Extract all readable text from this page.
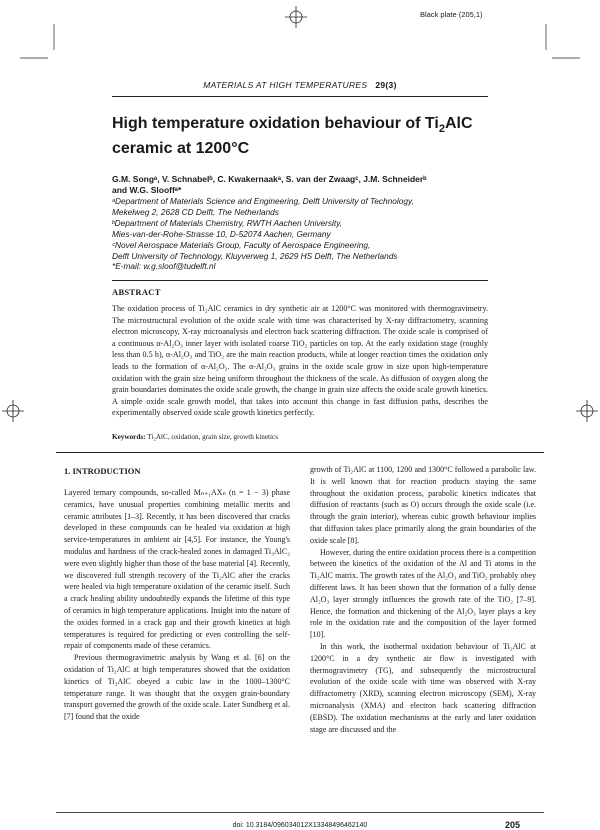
Black plate (205,1)
MATERIALS AT HIGH TEMPERATURES 29(3)
High temperature oxidation behaviour of $Ti_2AlC$
ceramic at 1200°C
G.M. Songᵃ, V. Schnabelᵇ, C. Kwakernaakᵃ, S. van der Zwaagᶜ, J.M. Schneiderᵇ
and W.G. Slooffᵃ*
ᵃDepartment of Materials Science and Engineering, Delft University of Technology,
Mekelweg 2, 2628 CD Delft, The Netherlands
ᵇDepartment of Materials Chemistry, RWTH Aachen University,
Mies-van-der-Rohe-Strasse 10, D-52074 Aachen, Germany
ᶜNovel Aerospace Materials Group, Faculty of Aerospace Engineering,
Delft University of Technology, Kluyverweg 1, 2629 HS Delft, The Netherlands
*E-mail: w.g.sloof@tudelft.nl
ABSTRACT
The oxidation process of Ti₂AlC ceramics in dry synthetic air at 1200°C was monitored with thermogravimetry. The microstructural evolution of the oxide scale with time was characterised by X-ray diffractometry, scanning electron microscopy, X-ray microanalysis and electron back scattering diffraction. The oxide scale is comprised of a continuous α-Al₂O₃ inner layer with isolated coarse TiO₂ particles on top. At the early oxidation stage (roughly less than 0.5 h), α-Al₂O₃ and TiO₂ are the main reaction products, while at longer reaction times the oxidation only leads to the formation of α-Al₂O₃. The α-Al₂O₃ grains in the oxide scale grow in size upon high-temperature oxidation with the grain size being uniform throughout the thickness of the scale. As diffusion of oxygen along the grain boundaries dominates the oxide scale growth, the change in grain size affects the oxide scale growth kinetics. A simple oxide scale growth model, that takes into account this change in fast diffusion paths, describes the experimentally observed oxide scale growth kinetics perfectly.
Keywords: Ti₂AlC, oxidation, grain size, growth kinetics
1. INTRODUCTION

Layered ternary compounds, so-called Mₙ₊₁AXₙ (n = 1 − 3) phase ceramics, have unusual properties combining metallic merits and ceramic attributes [1–3]. Recently, it has been discovered that cracks developed in these compounds can be healed via oxidation at high service-temperatures in ambient air [4,5]. For instance, the Young's modulus and hardness of the crack-healed zones in damaged Ti₃AlC₂ were even slightly higher than those of the base material [4]. Recently, we discovered full strength recovery of the Ti₂AlC after the cracks were healed via high temperature oxidation of the ceramic itself. Such a crack healing ability undoubtedly expands the lifetime of this type of ceramics in high temperature applications. Insight into the nature of the oxides formed in a crack gap and their growth kinetics at high temperatures is required for predicting or even controlling the self-repair of components made of these ceramics.

Previous thermogravimetric analysis by Wang et al. [6] on the oxidation of Ti₂AlC at high temperatures showed that the oxidation kinetics of Ti₂AlC obeyed a cubic law in the 1000–1300°C temperature range. It was thought that the oxygen grain-boundary transport governed the growth of the oxide scale. Later Sundberg et al. [7] found that the oxide

growth of Ti₂AlC at 1100, 1200 and 1300°C followed a parabolic law. It is well known that for reaction products staying the same throughout the oxidation process, parabolic kinetics indicates that diffusion of reactants (such as O) occurs through the oxide scale (i.e. through the grain interior), whereas cubic growth behaviour implies that diffusion takes place primarily along the grain boundaries of the oxide scale [8].

However, during the entire oxidation process there is a competition between the kinetics of the oxidation of the Al and Ti atoms in the Ti₂AlC matrix. The growth rates of the Al₂O₃ and TiO₂ probably obey different laws. It has been shown that the formation of a fully dense Al₂O₃ layer strongly influences the growth rate of the TiO₂ [7–9]. Hence, the formation and thickening of the Al₂O₃ layer plays a key role in the oxidation rate and the composition of the layer formed [10].

In this work, the isothermal oxidation behaviour of Ti₂AlC at 1200°C in a dry synthetic air flow is investigated with thermogravimetry (TG), and subsequently the microstructural evolution of the oxide scale with time was observed with X-ray diffractometry (XRD), scanning electron microscopy (SEM), X-ray microanalysis (XMA) and electron back scattering diffraction (EBSD). The oxidation mechanisms at the early and later oxidation stage are discussed and the

doi: 10.3184/096034012X13348496462140	205
